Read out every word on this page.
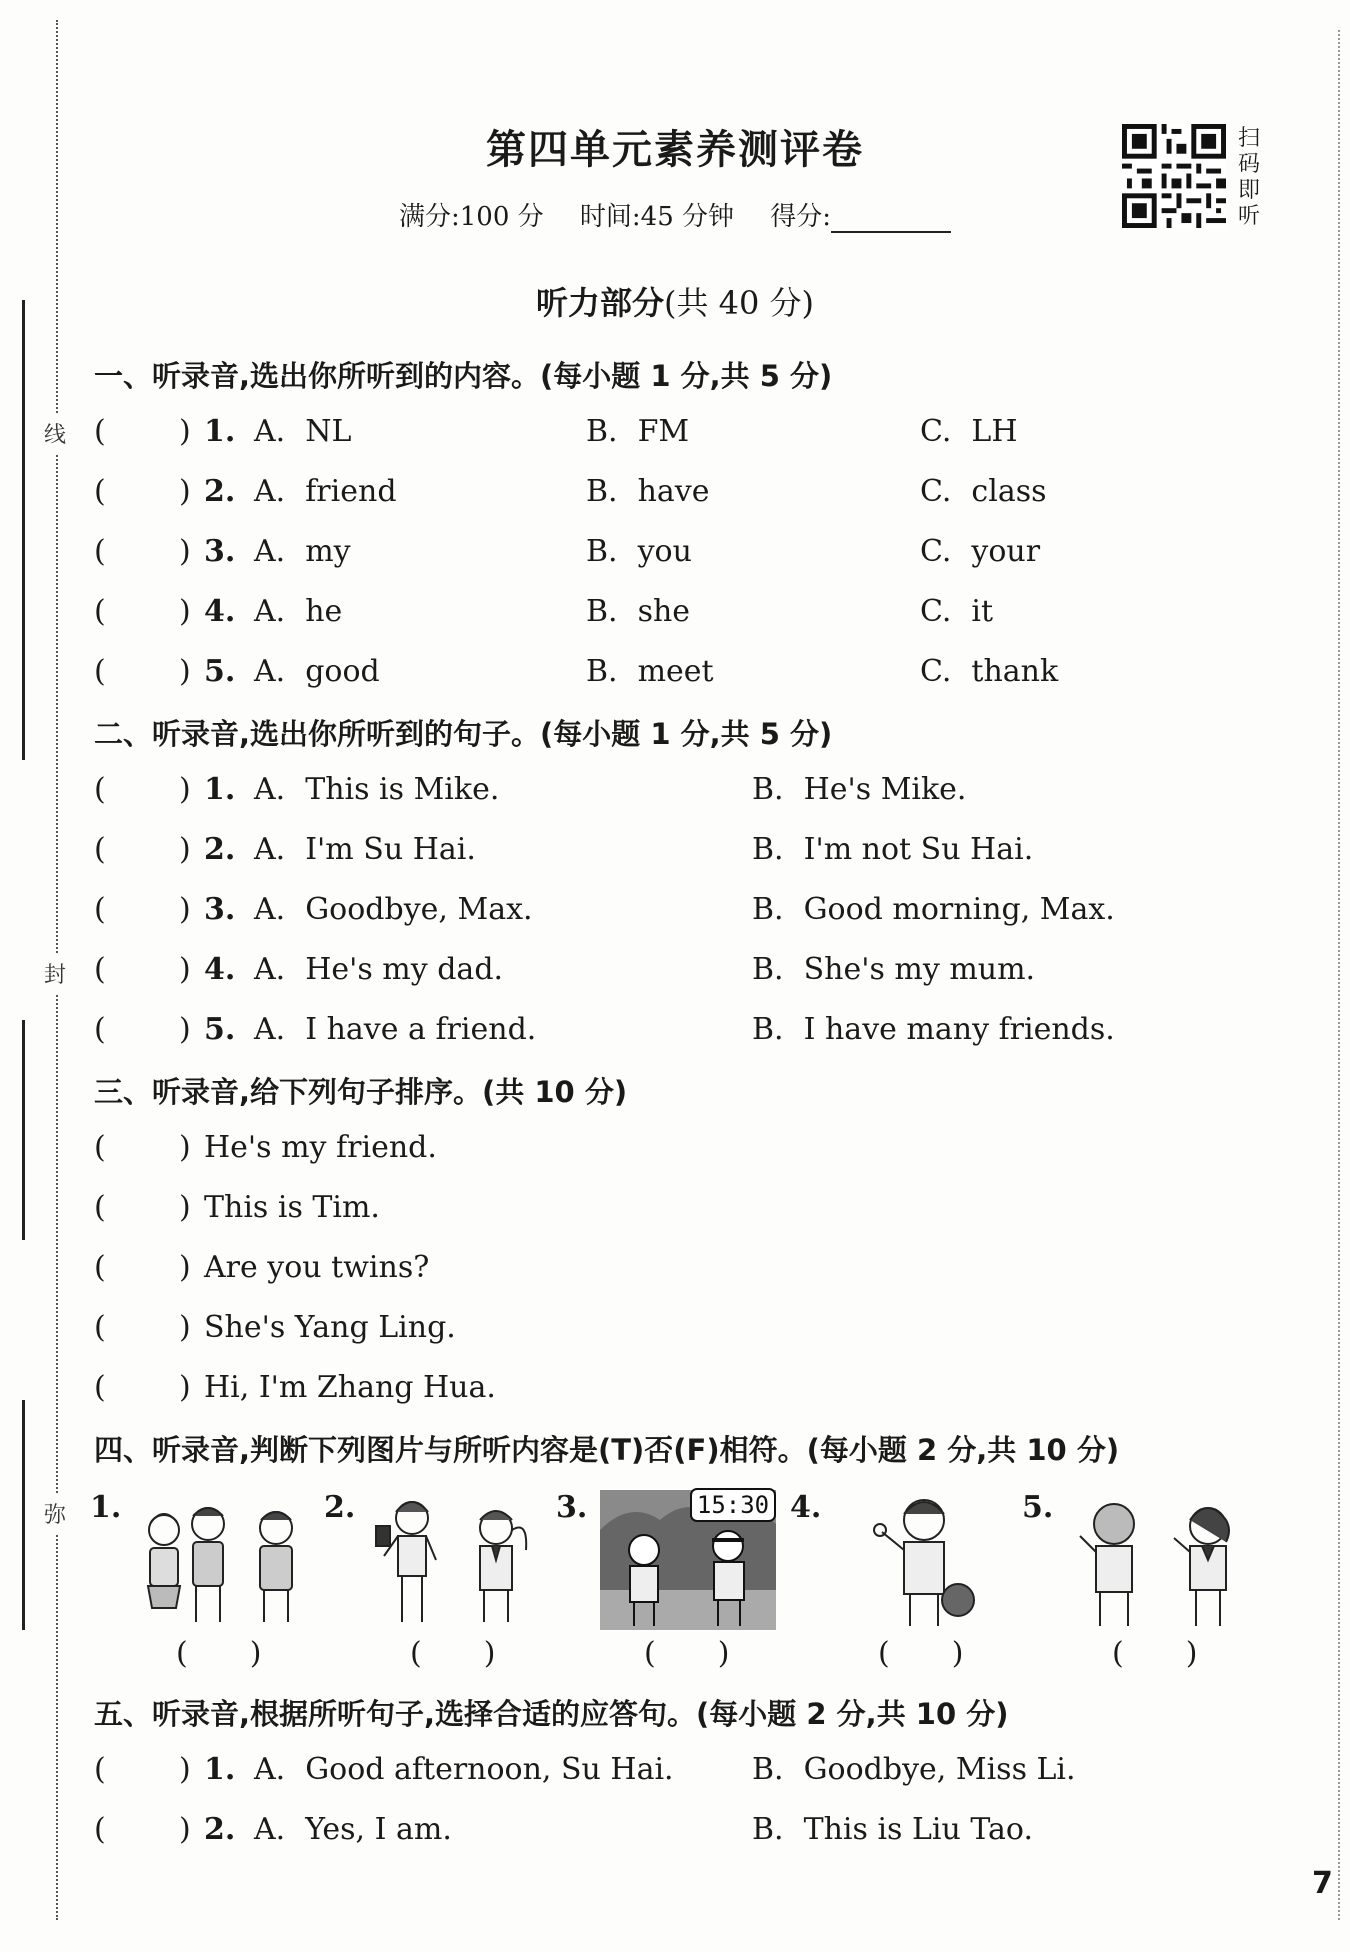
线
封
弥
第四单元素养测评卷
满分:100 分 时间:45 分钟 得分:
扫
码
即
听
听力部分(共 40 分)
一、听录音,选出你所听到的内容。(每小题 1 分,共 5 分)
( ) 1. A. NL	B. FM	C. LH
( ) 2. A. friend	B. have	C. class
( ) 3. A. my	B. you	C. your
( ) 4. A. he	B. she	C. it
( ) 5. A. good	B. meet	C. thank
二、听录音,选出你所听到的句子。(每小题 1 分,共 5 分)
( ) 1. A. This is Mike.	B. He's Mike.
( ) 2. A. I'm Su Hai.	B. I'm not Su Hai.
( ) 3. A. Goodbye, Max.	B. Good morning, Max.
( ) 4. A. He's my dad.	B. She's my mum.
( ) 5. A. I have a friend.	B. I have many friends.
三、听录音,给下列句子排序。(共 10 分)
( ) He's my friend.
( ) This is Tim.
( ) Are you twins?
( ) She's Yang Ling.
( ) Hi, I'm Zhang Hua.
四、听录音,判断下列图片与所听内容是(T)否(F)相符。(每小题 2 分,共 10 分)
1.	2.	3.	4.	5.
15:30
( )	( )	( )	( )	( )
五、听录音,根据所听句子,选择合适的应答句。(每小题 2 分,共 10 分)
( ) 1. A. Good afternoon, Su Hai.	B. Goodbye, Miss Li.
( ) 2. A. Yes, I am.	B. This is Liu Tao.
7
